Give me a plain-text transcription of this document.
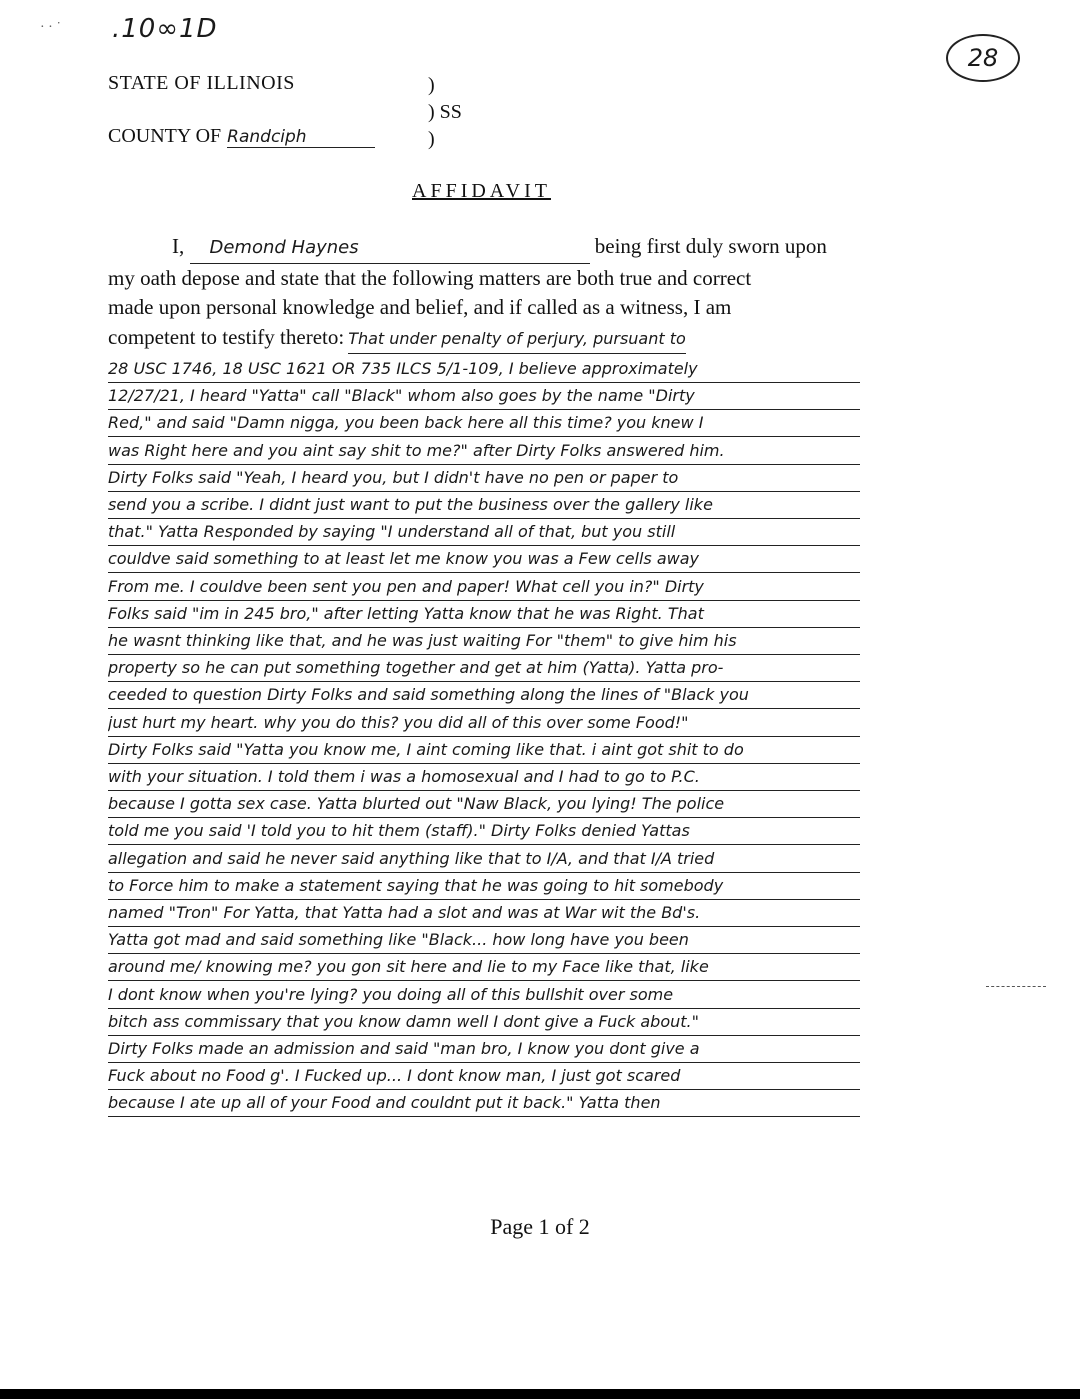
· · ˙ .10∞1D
28
STATE OF ILLINOIS
COUNTY OF Randciph
)
) SS
)
AFFIDAVIT
I, Demond Haynes	being first duly sworn upon
my oath depose and state that the following matters are both true and correct
made upon personal knowledge and belief, and if called as a witness, I am
competent to testify thereto: That under penalty of perjury, pursuant to
28 USC 1746, 18 USC 1621 OR 735 ILCS 5/1-109, I believe approximately
12/27/21, I heard "Yatta" call "Black" whom also goes by the name "Dirty
Red," and said "Damn nigga, you been back here all this time? you knew I
was Right here and you aint say shit to me?" after Dirty Folks answered him.
Dirty Folks said "Yeah, I heard you, but I didn't have no pen or paper to
send you a scribe. I didnt just want to put the business over the gallery like
that." Yatta Responded by saying "I understand all of that, but you still
couldve said something to at least let me know you was a Few cells away
From me. I couldve been sent you pen and paper! What cell you in?" Dirty
Folks said "im in 245 bro," after letting Yatta know that he was Right. That
he wasnt thinking like that, and he was just waiting For "them" to give him his
property so he can put something together and get at him (Yatta). Yatta pro-
ceeded to question Dirty Folks and said something along the lines of "Black you
just hurt my heart. why you do this? you did all of this over some Food!"
Dirty Folks said "Yatta you know me, I aint coming like that. i aint got shit to do
with your situation. I told them i was a homosexual and I had to go to P.C.
because I gotta sex case. Yatta blurted out "Naw Black, you lying! The police
told me you said 'I told you to hit them (staff)." Dirty Folks denied Yattas
allegation and said he never said anything like that to I/A, and that I/A tried
to Force him to make a statement saying that he was going to hit somebody
named "Tron" For Yatta, that Yatta had a slot and was at War wit the Bd's.
Yatta got mad and said something like "Black... how long have you been
around me/ knowing me? you gon sit here and lie to my Face like that, like
I dont know when you're lying? you doing all of this bullshit over some
bitch ass commissary that you know damn well I dont give a Fuck about."
Dirty Folks made an admission and said "man bro, I know you dont give a
Fuck about no Food g'. I Fucked up... I dont know man, I just got scared
because I ate up all of your Food and couldnt put it back." Yatta then
Page 1 of 2
